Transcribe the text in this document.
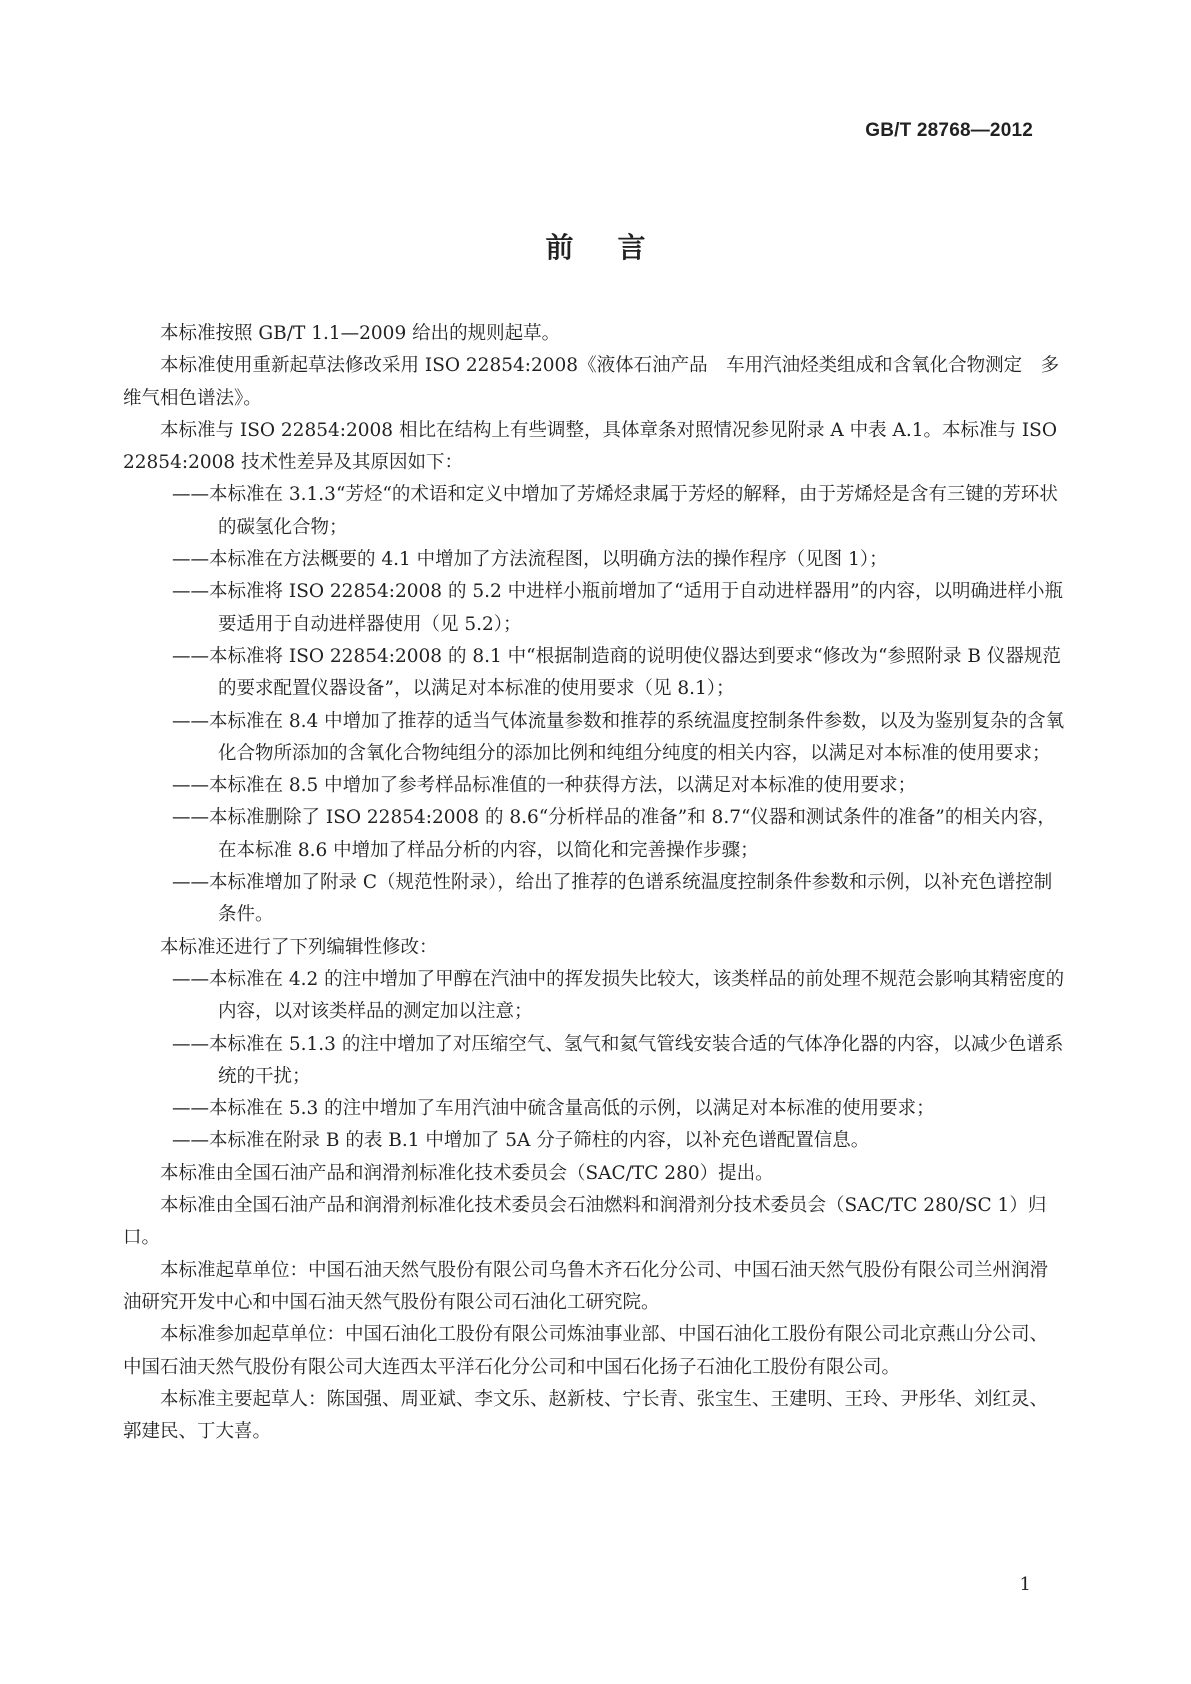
GB/T 28768—2012
前言

本标准按照 GB/T 1.1—2009 给出的规则起草。

本标准使用重新起草法修改采用 ISO 22854:2008《液体石油产品　车用汽油烃类组成和含氧化合物测定　多维气相色谱法》。

本标准与 ISO 22854:2008 相比在结构上有些调整，具体章条对照情况参见附录 A 中表 A.1。本标准与 ISO 22854:2008 技术性差异及其原因如下：

——本标准在 3.1.3“芳烃“的术语和定义中增加了芳烯烃隶属于芳烃的解释，由于芳烯烃是含有三键的芳环状的碳氢化合物；

——本标准在方法概要的 4.1 中增加了方法流程图，以明确方法的操作程序（见图 1）；

——本标准将 ISO 22854:2008 的 5.2 中进样小瓶前增加了“适用于自动进样器用”的内容，以明确进样小瓶要适用于自动进样器使用（见 5.2）；

——本标准将 ISO 22854:2008 的 8.1 中“根据制造商的说明使仪器达到要求“修改为“参照附录 B 仪器规范的要求配置仪器设备”，以满足对本标准的使用要求（见 8.1）；

——本标准在 8.4 中增加了推荐的适当气体流量参数和推荐的系统温度控制条件参数，以及为鉴别复杂的含氧化合物所添加的含氧化合物纯组分的添加比例和纯组分纯度的相关内容，以满足对本标准的使用要求；

——本标准在 8.5 中增加了参考样品标准值的一种获得方法，以满足对本标准的使用要求；

——本标准删除了 ISO 22854:2008 的 8.6“分析样品的准备”和 8.7“仪器和测试条件的准备”的相关内容，在本标准 8.6 中增加了样品分析的内容，以简化和完善操作步骤；

——本标准增加了附录 C（规范性附录），给出了推荐的色谱系统温度控制条件参数和示例，以补充色谱控制条件。

本标准还进行了下列编辑性修改：

——本标准在 4.2 的注中增加了甲醇在汽油中的挥发损失比较大，该类样品的前处理不规范会影响其精密度的内容，以对该类样品的测定加以注意；

——本标准在 5.1.3 的注中增加了对压缩空气、氢气和氦气管线安装合适的气体净化器的内容，以减少色谱系统的干扰；

——本标准在 5.3 的注中增加了车用汽油中硫含量高低的示例，以满足对本标准的使用要求；

——本标准在附录 B 的表 B.1 中增加了 5A 分子筛柱的内容，以补充色谱配置信息。

本标准由全国石油产品和润滑剂标准化技术委员会（SAC/TC 280）提出。

本标准由全国石油产品和润滑剂标准化技术委员会石油燃料和润滑剂分技术委员会（SAC/TC 280/SC 1）归口。

本标准起草单位：中国石油天然气股份有限公司乌鲁木齐石化分公司、中国石油天然气股份有限公司兰州润滑油研究开发中心和中国石油天然气股份有限公司石油化工研究院。

本标准参加起草单位：中国石油化工股份有限公司炼油事业部、中国石油化工股份有限公司北京燕山分公司、中国石油天然气股份有限公司大连西太平洋石化分公司和中国石化扬子石油化工股份有限公司。

本标准主要起草人：陈国强、周亚斌、李文乐、赵新枝、宁长青、张宝生、王建明、王玲、尹彤华、刘红灵、郭建民、丁大喜。

1
